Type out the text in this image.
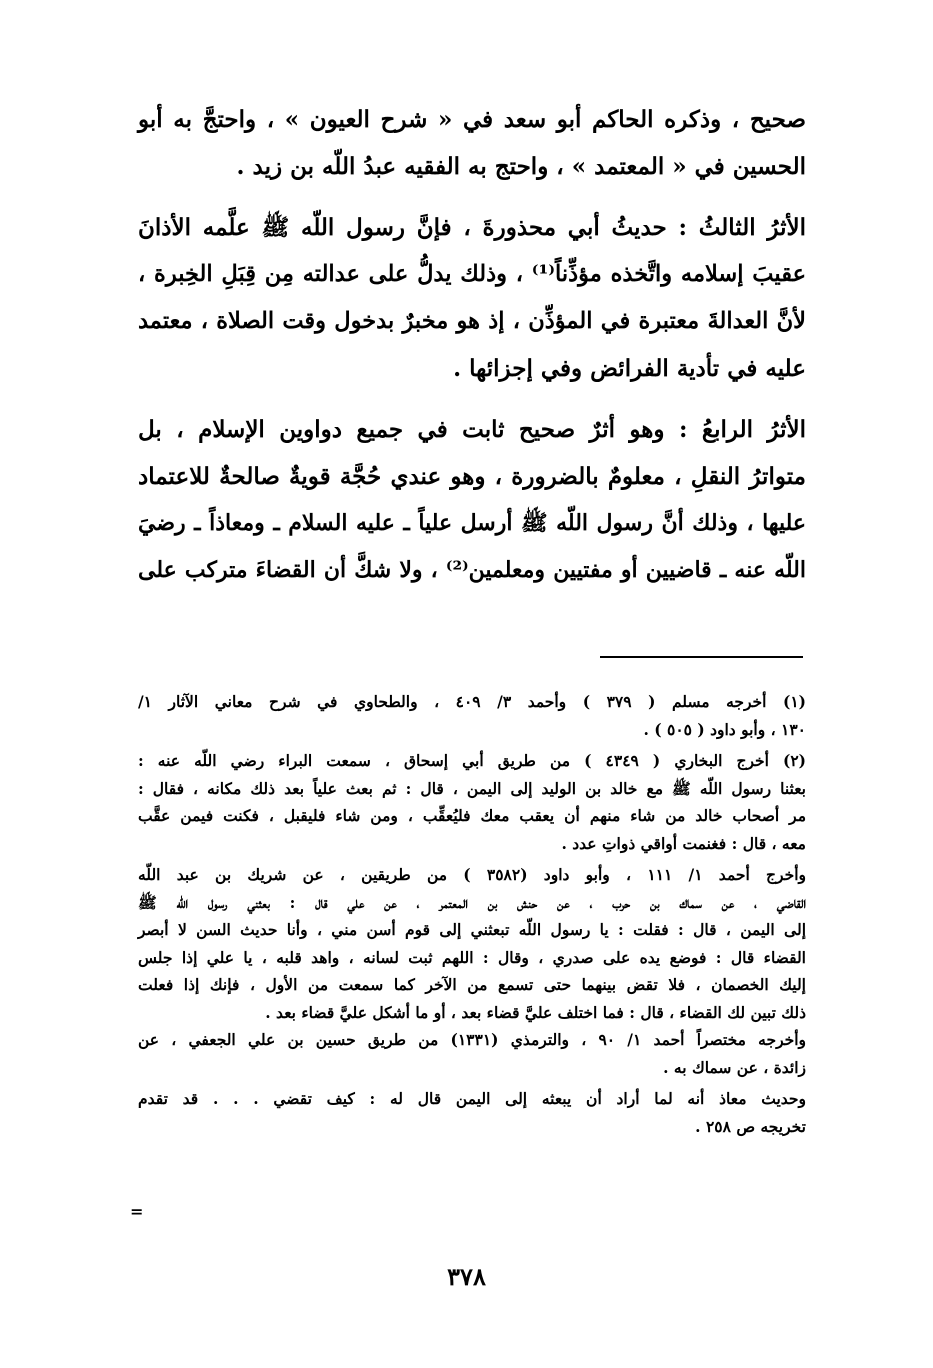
صحيح ، وذكره الحاكم أبو سعد في « شرح العيون » ، واحتجَّ به أبو
الحسين في « المعتمد » ، واحتج به الفقيه عبدُ اللّه بن زيد .

الأثرُ الثالثُ : حديثُ أبي محذورةَ ، فإنَّ رسول اللّه ﷺ علَّمه الأذانَ
عقيبَ إسلامه واتَّخذه مؤذِّناً⁽¹⁾ ، وذلك يدلُّ على عدالته مِن قِبَلِ الخِبرة ،
لأنَّ العدالةَ معتبرة في المؤذِّن ، إذ هو مخبرٌ بدخول وقت الصلاة ، معتمد
عليه في تأدية الفرائض وفي إجزائها .

الأثرُ الرابعُ : وهو أثرٌ صحيح ثابت في جميع دواوين الإسلام ، بل
متواترُ النقلِ ، معلومٌ بالضرورة ، وهو عندي حُجَّة قويةٌ صالحةٌ للاعتماد
عليها ، وذلك أنَّ رسول اللّه ﷺ أرسل علياً ـ عليه السلام ـ ومعاذاً ـ رضيَ
اللّه عنه ـ قاضيين أو مفتيين ومعلمين⁽²⁾ ، ولا شكَّ أن القضاءَ متركب على

(١) أخرجه مسلم ( ٣٧٩ ) وأحمد ٣/ ٤٠٩ ، والطحاوي في شرح معاني الآثار ١/
١٣٠ ، وأبو داود ( ٥٠٥ ) .
(٢) أخرج البخاري ( ٤٣٤٩ ) من طريق أبي إسحاق ، سمعت البراء رضي اللّه عنه :
بعثنا رسول اللّه ﷺ مع خالد بن الوليد إلى اليمن ، قال : ثم بعث علياً بعد ذلك مكانه ، فقال :
مر أصحاب خالد من شاء منهم أن يعقب معك فليُعقِّب ، ومن شاء فليقبل ، فكنت فيمن عقَّب
معه ، قال : فغنمت أواقي ذواتِ عدد .
وأخرج أحمد ١/ ١١١ ، وأبو داود (٣٥٨٢ ) من طريقين ، عن شريك بن عبد اللّه
القاضي ، عن سماك بن حرب ، عن حنش بن المعتمر ، عن علي قال : بعثني رسول اللّه ﷺ
إلى اليمن ، قال : فقلت : يا رسول اللّه تبعثني إلى قوم أسن مني ، وأنا حديث السن لا أبصر
القضاء قال : فوضع يده على صدري ، وقال : اللهم ثبت لسانه ، واهد قلبه ، يا علي إذا جلس
إليك الخصمان ، فلا تقض بينهما حتى تسمع من الآخر كما سمعت من الأول ، فإنك إذا فعلت
ذلك تبين لك القضاء ، قال : فما اختلف عليَّ قضاء بعد ، أو ما أشكل عليَّ قضاء بعد .
وأخرجه مختصراً أحمد ١/ ٩٠ ، والترمذي (١٣٣١) من طريق حسين بن علي الجعفي ، عن
زائدة ، عن سماك به .
وحديث معاذ أنه لما أراد أن يبعثه إلى اليمن قال له : كيف تقضي . . . قد تقدم
تخريجه ص ٢٥٨ .
=
٣٧٨
